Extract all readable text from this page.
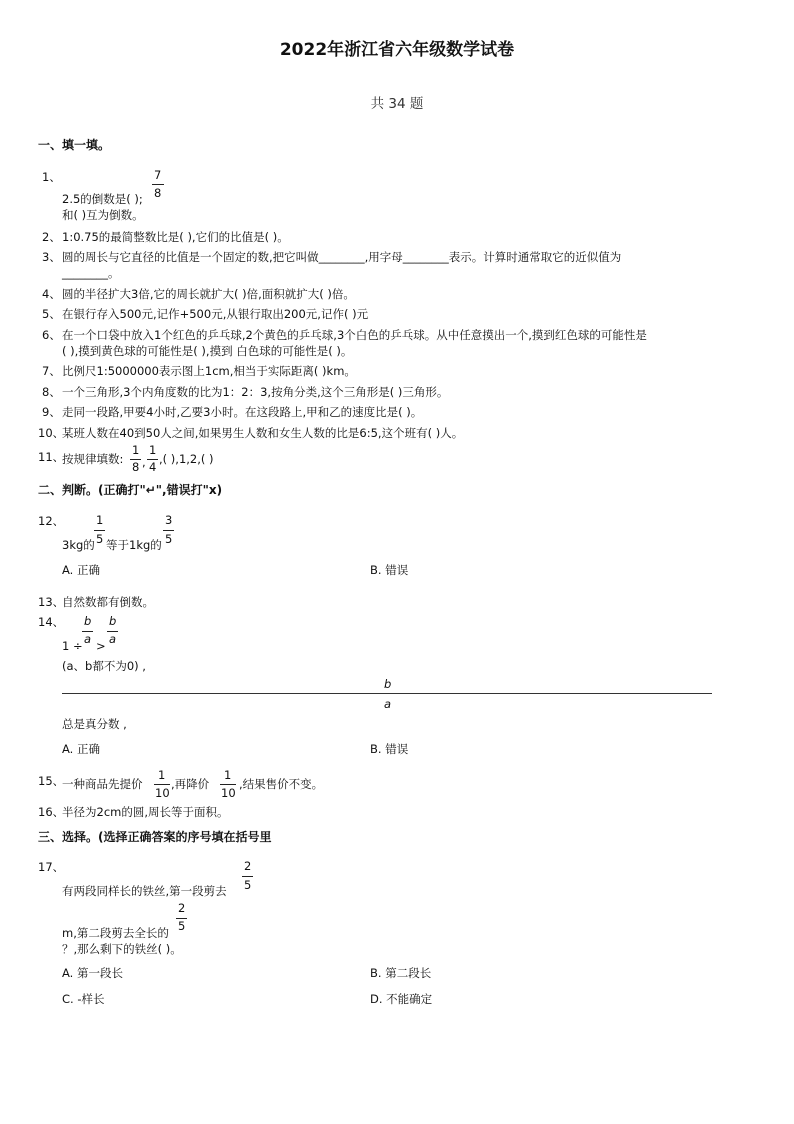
2022年浙江省六年级数学试卷
共 34 题
一、填一填。
1、	7
8
2.5的倒数是( );
和( )互为倒数。
2、 1:0.75的最简整数比是( ),它们的比值是( )。
3、 圆的周长与它直径的比值是一个固定的数,把它叫做________,用字母________表示。计算时通常取它的近似值为
________。
4、 圆的半径扩大3倍,它的周长就扩大( )倍,面积就扩大( )倍。
5、 在银行存入500元,记作+500元,从银行取出200元,记作( )元
6、 在一个口袋中放入1个红色的乒乓球,2个黄色的乒乓球,3个白色的乒乓球。从中任意摸出一个,摸到红色球的可能性是
( ),摸到黄色球的可能性是( ),摸到 白色球的可能性是( )。
7、 比例尺1:5000000表示图上1cm,相当于实际距离( )km。
8、 一个三角形,3个内角度数的比为1：2：3,按角分类,这个三角形是( )三角形。
9、 走同一段路,甲要4小时,乙要3小时。在这段路上,甲和乙的速度比是( )。
10、
某班人数在40到50人之间,如果男生人数和女生人数的比是6:5,这个班有( )人。
11、
按规律填数:
1
8 ,
1
4
,( ),1,2,( )
二、判断。(正确打"↵",错误打"x)
12、	1
5
3
5
3kg的 等于1kg的
A. 正确	B. 错误
13、
自然数都有倒数。
14、 b
a
b
a
1 ÷ >
(a、b都不为0) ,
b
a
总是真分数 ,
A. 正确	B. 错误
15、
一种商品先提价
1
10
,再降价
1
10
,结果售价不变。
16、
半径为2cm的圆,周长等于面积。
三、选择。(选择正确答案的序号填在括号里
17、	2
5
有两段同样长的铁丝,第一段剪去
2
5
m,第二段剪去全长的
？,那么剩下的铁丝( )。
A. 第一段长	B. 第二段长
C. -样长	D. 不能确定
